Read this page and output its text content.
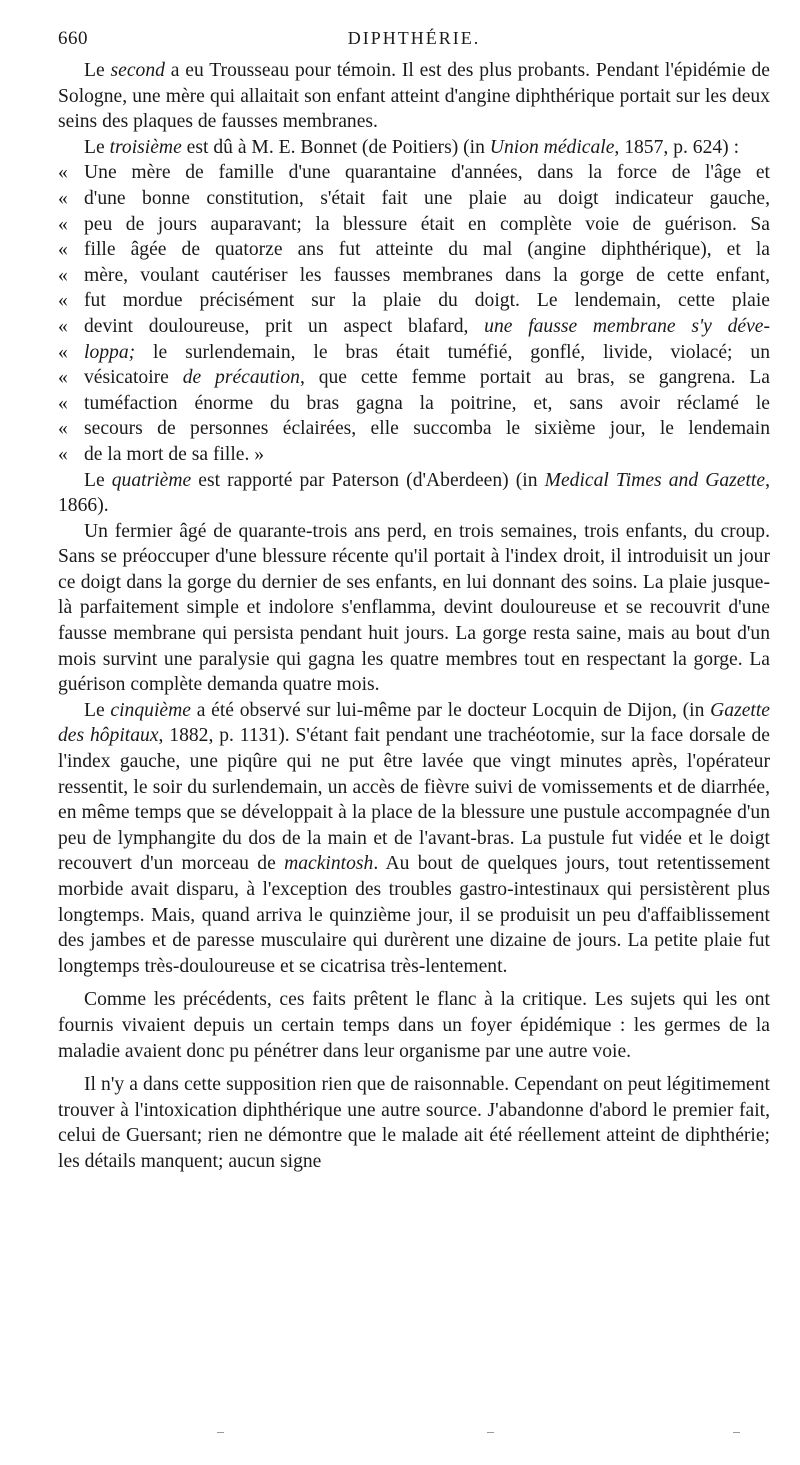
660	DIPHTHÉRIE.

Le second a eu Trousseau pour témoin. Il est des plus probants. Pendant l'épidémie de Sologne, une mère qui allaitait son enfant atteint d'angine diphthérique portait sur les deux seins des plaques de fausses membranes.

Le troisième est dû à M. E. Bonnet (de Poitiers) (in Union médicale, 1857, p. 624) :

« Une mère de famille d'une quarantaine d'années, dans la force de l'âge et
« d'une bonne constitution, s'était fait une plaie au doigt indicateur gauche,
« peu de jours auparavant; la blessure était en complète voie de guérison. Sa
« fille âgée de quatorze ans fut atteinte du mal (angine diphthérique), et la
« mère, voulant cautériser les fausses membranes dans la gorge de cette enfant,
« fut mordue précisément sur la plaie du doigt. Le lendemain, cette plaie
« devint douloureuse, prit un aspect blafard, une fausse membrane s'y déve-
« loppa; le surlendemain, le bras était tuméfié, gonflé, livide, violacé; un
« vésicatoire de précaution, que cette femme portait au bras, se gangrena. La
« tuméfaction énorme du bras gagna la poitrine, et, sans avoir réclamé le
« secours de personnes éclairées, elle succomba le sixième jour, le lendemain
« de la mort de sa fille. »

Le quatrième est rapporté par Paterson (d'Aberdeen) (in Medical Times and Gazette, 1866).

Un fermier âgé de quarante-trois ans perd, en trois semaines, trois enfants, du croup. Sans se préoccuper d'une blessure récente qu'il portait à l'index droit, il introduisit un jour ce doigt dans la gorge du dernier de ses enfants, en lui donnant des soins. La plaie jusque-là parfaitement simple et indolore s'enflamma, devint douloureuse et se recouvrit d'une fausse membrane qui persista pendant huit jours. La gorge resta saine, mais au bout d'un mois survint une paralysie qui gagna les quatre membres tout en respectant la gorge. La guérison complète demanda quatre mois.

Le cinquième a été observé sur lui-même par le docteur Locquin de Dijon, (in Gazette des hôpitaux, 1882, p. 1131). S'étant fait pendant une trachéotomie, sur la face dorsale de l'index gauche, une piqûre qui ne put être lavée que vingt minutes après, l'opérateur ressentit, le soir du surlendemain, un accès de fièvre suivi de vomissements et de diarrhée, en même temps que se développait à la place de la blessure une pustule accompagnée d'un peu de lymphangite du dos de la main et de l'avant-bras. La pustule fut vidée et le doigt recouvert d'un morceau de mackintosh. Au bout de quelques jours, tout retentissement morbide avait disparu, à l'exception des troubles gastro-intestinaux qui persistèrent plus longtemps. Mais, quand arriva le quinzième jour, il se produisit un peu d'affaiblissement des jambes et de paresse musculaire qui durèrent une dizaine de jours. La petite plaie fut longtemps très-douloureuse et se cicatrisa très-lentement.

Comme les précédents, ces faits prêtent le flanc à la critique. Les sujets qui les ont fournis vivaient depuis un certain temps dans un foyer épidémique : les germes de la maladie avaient donc pu pénétrer dans leur organisme par une autre voie.

Il n'y a dans cette supposition rien que de raisonnable. Cependant on peut légitimement trouver à l'intoxication diphthérique une autre source. J'abandonne d'abord le premier fait, celui de Guersant; rien ne démontre que le malade ait été réellement atteint de diphthérie; les détails manquent; aucun signe
